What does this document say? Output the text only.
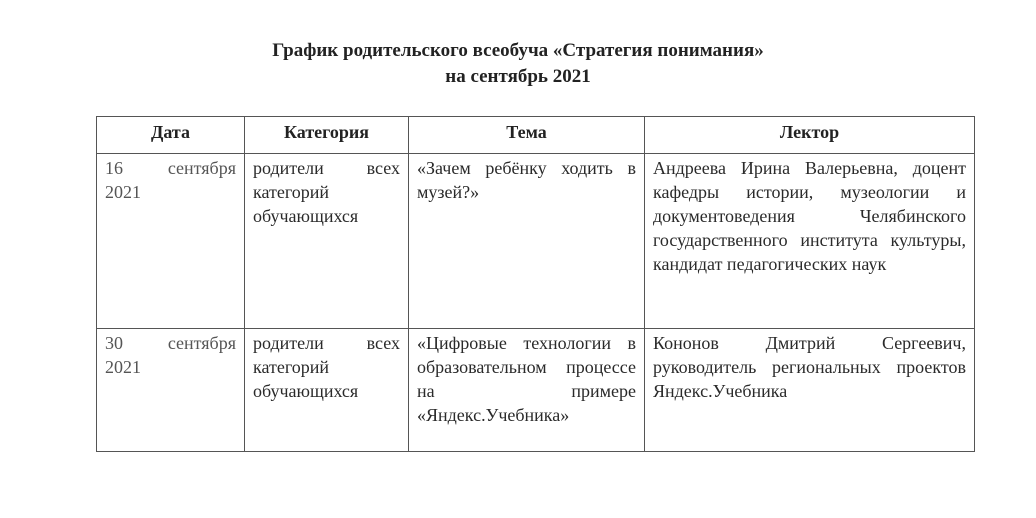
График родительского всеобуча «Стратегия понимания»
на сентябрь 2021
Дата	Категория	Тема	Лектор
16 сентября 2021	родители всех категорий обучающихся	«Зачем ребёнку ходить в музей?»	Андреева Ирина Валерьевна, доцент кафедры истории, музеологии и документоведения Челябинского государственного института культуры, кандидат педагогических наук
30 сентября 2021	родители всех категорий обучающихся	«Цифровые технологии в образовательном процессе на примере «Яндекс.Учебника»	Кононов Дмитрий Сергеевич, руководитель региональных проектов Яндекс.Учебника
